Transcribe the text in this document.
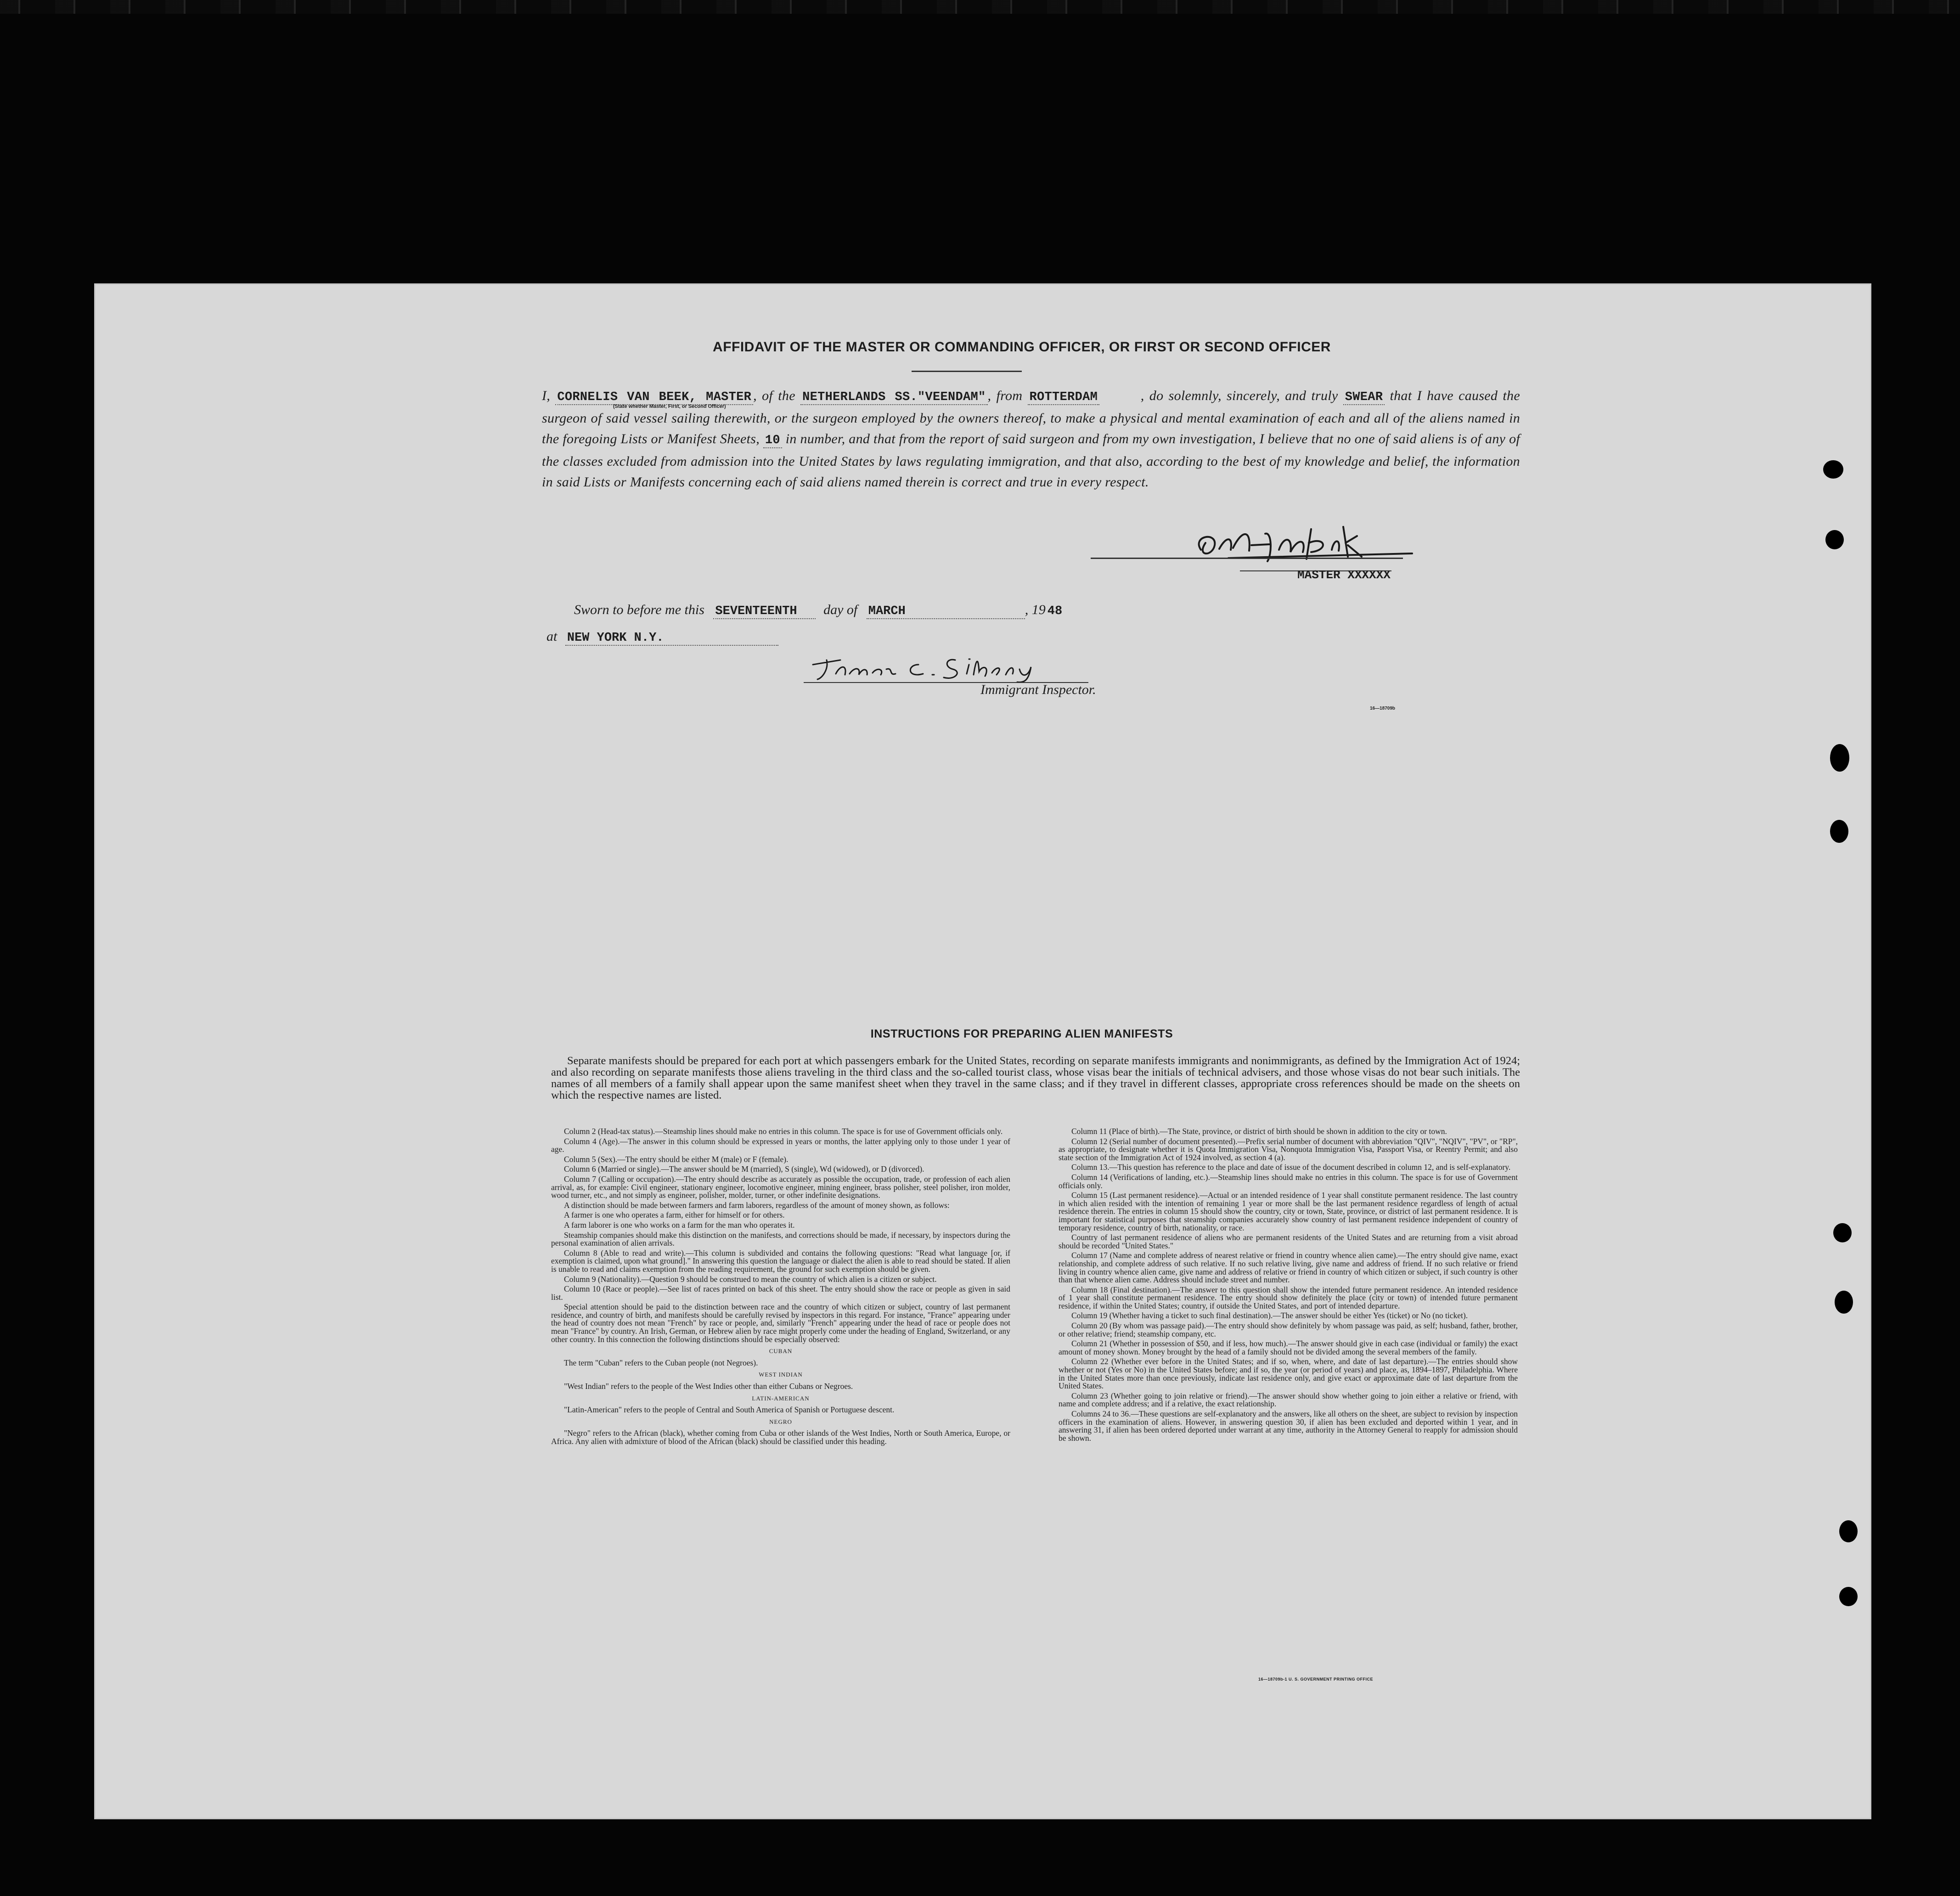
AFFIDAVIT OF THE MASTER OR COMMANDING OFFICER, OR FIRST OR SECOND OFFICER
I, CORNELIS VAN BEEK, MASTER , of the NETHERLANDS SS."VEENDAM" , from ROTTERDAM	, do solemnly, sincerely, and truly SWEAR that I have caused the surgeon of said vessel sailing therewith, or the surgeon employed by the owners thereof, to make a physical and mental examination of each and all of the aliens named in the foregoing Lists or Manifest Sheets, 10 in number, and that from the report of said surgeon and from my own investigation, I believe that no one of said aliens is of any of the classes excluded from admission into the United States by laws regulating immigration, and that also, according to the best of my knowledge and belief, the information in said Lists or Manifests concerning each of said aliens named therein is correct and true in every respect.
(State whether Master, First, or Second Officer)
MASTER XXXXXX
Sworn to before me this SEVENTEENTH day of MARCH	, 19 48
at NEW YORK N.Y.
Immigrant Inspector.
16—18709b
INSTRUCTIONS FOR PREPARING ALIEN MANIFESTS

Separate manifests should be prepared for each port at which passengers embark for the United States, recording on separate manifests immigrants and nonimmigrants, as defined by the Immigration Act of 1924; and also recording on separate manifests those aliens traveling in the third class and the so-called tourist class, whose visas bear the initials of technical advisers, and those whose visas do not bear such initials. The names of all members of a family shall appear upon the same manifest sheet when they travel in the same class; and if they travel in different classes, appropriate cross references should be made on the sheets on which the respective names are listed.

Column 2 (Head-tax status).—Steamship lines should make no entries in this column. The space is for use of Government officials only.

Column 4 (Age).—The answer in this column should be expressed in years or months, the latter applying only to those under 1 year of age.

Column 5 (Sex).—The entry should be either M (male) or F (female).

Column 6 (Married or single).—The answer should be M (married), S (single), Wd (widowed), or D (divorced).

Column 7 (Calling or occupation).—The entry should describe as accurately as possible the occupation, trade, or profession of each alien arrival, as, for example: Civil engineer, stationary engineer, locomotive engineer, mining engineer, brass polisher, steel polisher, iron molder, wood turner, etc., and not simply as engineer, polisher, molder, turner, or other indefinite designations.

A distinction should be made between farmers and farm laborers, regardless of the amount of money shown, as follows:

A farmer is one who operates a farm, either for himself or for others.

A farm laborer is one who works on a farm for the man who operates it.

Steamship companies should make this distinction on the manifests, and corrections should be made, if necessary, by inspectors during the personal examination of alien arrivals.

Column 8 (Able to read and write).—This column is subdivided and contains the following questions: "Read what language [or, if exemption is claimed, upon what ground]." In answering this question the language or dialect the alien is able to read should be stated. If alien is unable to read and claims exemption from the reading requirement, the ground for such exemption should be given.

Column 9 (Nationality).—Question 9 should be construed to mean the country of which alien is a citizen or subject.

Column 10 (Race or people).—See list of races printed on back of this sheet. The entry should show the race or people as given in said list.

Special attention should be paid to the distinction between race and the country of which citizen or subject, country of last permanent residence, and country of birth, and manifests should be carefully revised by inspectors in this regard. For instance, "France" appearing under the head of country does not mean "French" by race or people, and, similarly "French" appearing under the head of race or people does not mean "France" by country. An Irish, German, or Hebrew alien by race might properly come under the heading of England, Switzerland, or any other country. In this connection the following distinctions should be especially observed:

CUBAN

The term "Cuban" refers to the Cuban people (not Negroes).

WEST INDIAN

"West Indian" refers to the people of the West Indies other than either Cubans or Negroes.

LATIN-AMERICAN

"Latin-American" refers to the people of Central and South America of Spanish or Portuguese descent.

NEGRO

"Negro" refers to the African (black), whether coming from Cuba or other islands of the West Indies, North or South America, Europe, or Africa. Any alien with admixture of blood of the African (black) should be classified under this heading.

Column 11 (Place of birth).—The State, province, or district of birth should be shown in addition to the city or town.

Column 12 (Serial number of document presented).—Prefix serial number of document with abbreviation "QIV", "NQIV", "PV", or "RP", as appropriate, to designate whether it is Quota Immigration Visa, Nonquota Immigration Visa, Passport Visa, or Reentry Permit; and also state section of the Immigration Act of 1924 involved, as section 4 (a).

Column 13.—This question has reference to the place and date of issue of the document described in column 12, and is self-explanatory.

Column 14 (Verifications of landing, etc.).—Steamship lines should make no entries in this column. The space is for use of Government officials only.

Column 15 (Last permanent residence).—Actual or an intended residence of 1 year shall constitute permanent residence. The last country in which alien resided with the intention of remaining 1 year or more shall be the last permanent residence regardless of length of actual residence therein. The entries in column 15 should show the country, city or town, State, province, or district of last permanent residence. It is important for statistical purposes that steamship companies accurately show country of last permanent residence independent of country of temporary residence, country of birth, nationality, or race.

Country of last permanent residence of aliens who are permanent residents of the United States and are returning from a visit abroad should be recorded "United States."

Column 17 (Name and complete address of nearest relative or friend in country whence alien came).—The entry should give name, exact relationship, and complete address of such relative. If no such relative living, give name and address of friend. If no such relative or friend living in country whence alien came, give name and address of relative or friend in country of which citizen or subject, if such country is other than that whence alien came. Address should include street and number.

Column 18 (Final destination).—The answer to this question shall show the intended future permanent residence. An intended residence of 1 year shall constitute permanent residence. The entry should show definitely the place (city or town) of intended future permanent residence, if within the United States; country, if outside the United States, and port of intended departure.

Column 19 (Whether having a ticket to such final destination).—The answer should be either Yes (ticket) or No (no ticket).

Column 20 (By whom was passage paid).—The entry should show definitely by whom passage was paid, as self; husband, father, brother, or other relative; friend; steamship company, etc.

Column 21 (Whether in possession of $50, and if less, how much).—The answer should give in each case (individual or family) the exact amount of money shown. Money brought by the head of a family should not be divided among the several members of the family.

Column 22 (Whether ever before in the United States; and if so, when, where, and date of last departure).—The entries should show whether or not (Yes or No) in the United States before; and if so, the year (or period of years) and place, as, 1894–1897, Philadelphia. Where in the United States more than once previously, indicate last residence only, and give exact or approximate date of last departure from the United States.

Column 23 (Whether going to join relative or friend).—The answer should show whether going to join either a relative or friend, with name and complete address; and if a relative, the exact relationship.

Columns 24 to 36.—These questions are self-explanatory and the answers, like all others on the sheet, are subject to revision by inspection officers in the examination of aliens. However, in answering question 30, if alien has been excluded and deported within 1 year, and in answering 31, if alien has been ordered deported under warrant at any time, authority in the Attorney General to reapply for admission should be shown.

16—18709b-1 U. S. GOVERNMENT PRINTING OFFICE
